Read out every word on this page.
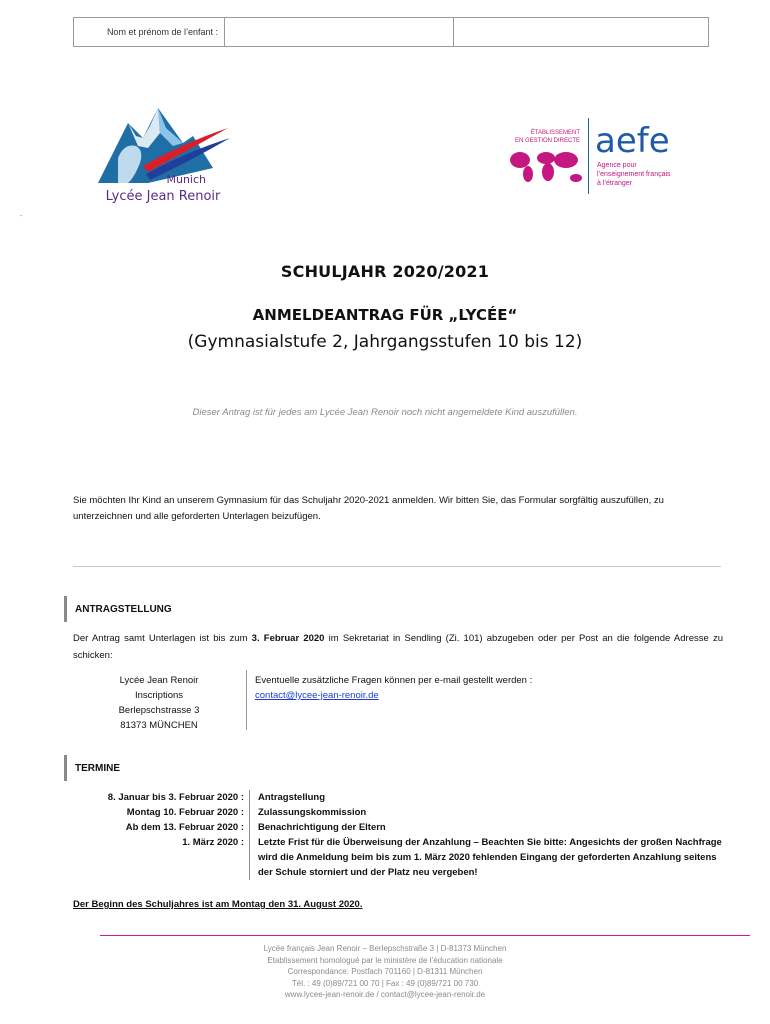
Nom et prénom de l’enfant :
Munich
Lycée Jean Renoir
ÉTABLISSEMENT
EN GESTION DIRECTE aefe
Agence pour
l’enseignement français
à l’étranger
-
SCHULJAHR 2020/2021
ANMELDEANTRAG FÜR „LYCÉE“
(Gymnasialstufe 2, Jahrgangsstufen 10 bis 12)
Dieser Antrag ist für jedes am Lycée Jean Renoir noch nicht angemeldete Kind auszufüllen.
Sie möchten Ihr Kind an unserem Gymnasium für das Schuljahr 2020-2021 anmelden. Wir bitten Sie, das Formular sorgfältig auszufüllen, zu unterzeichnen und alle geforderten Unterlagen beizufügen.
ANTRAGSTELLUNG
Der Antrag samt Unterlagen ist bis zum 3. Februar 2020 im Sekretariat in Sendling (Zi. 101) abzugeben oder per Post an die folgende Adresse zu schicken:
Lycée Jean Renoir
Inscriptions
Berlepschstrasse 3
81373 MÜNCHEN
Eventuelle zusätzliche Fragen können per e-mail gestellt werden :
contact@lycee-jean-renoir.de
TERMINE
8. Januar bis 3. Februar 2020 :	Antragstellung
Montag 10. Februar 2020 :	Zulassungskommission
Ab dem 13. Februar 2020 :	Benachrichtigung der Eltern
1. März 2020 :	Letzte Frist für die Überweisung der Anzahlung – Beachten Sie bitte: Angesichts der großen Nachfrage wird die Anmeldung beim bis zum 1. März 2020 fehlenden Eingang der geforderten Anzahlung seitens der Schule storniert und der Platz neu vergeben!
Der Beginn des Schuljahres ist am Montag den 31. August 2020.
Lycée français Jean Renoir – Berlepschstraße 3 | D-81373 München
Etablissement homologué par le ministère de l’éducation nationale
Correspondance: Postfach 701160 | D-81311 München
Tél. : 49 (0)89/721 00 70 | Fax : 49 (0)89/721 00 730
www.lycee-jean-renoir.de / contact@lycee-jean-renoir.de
